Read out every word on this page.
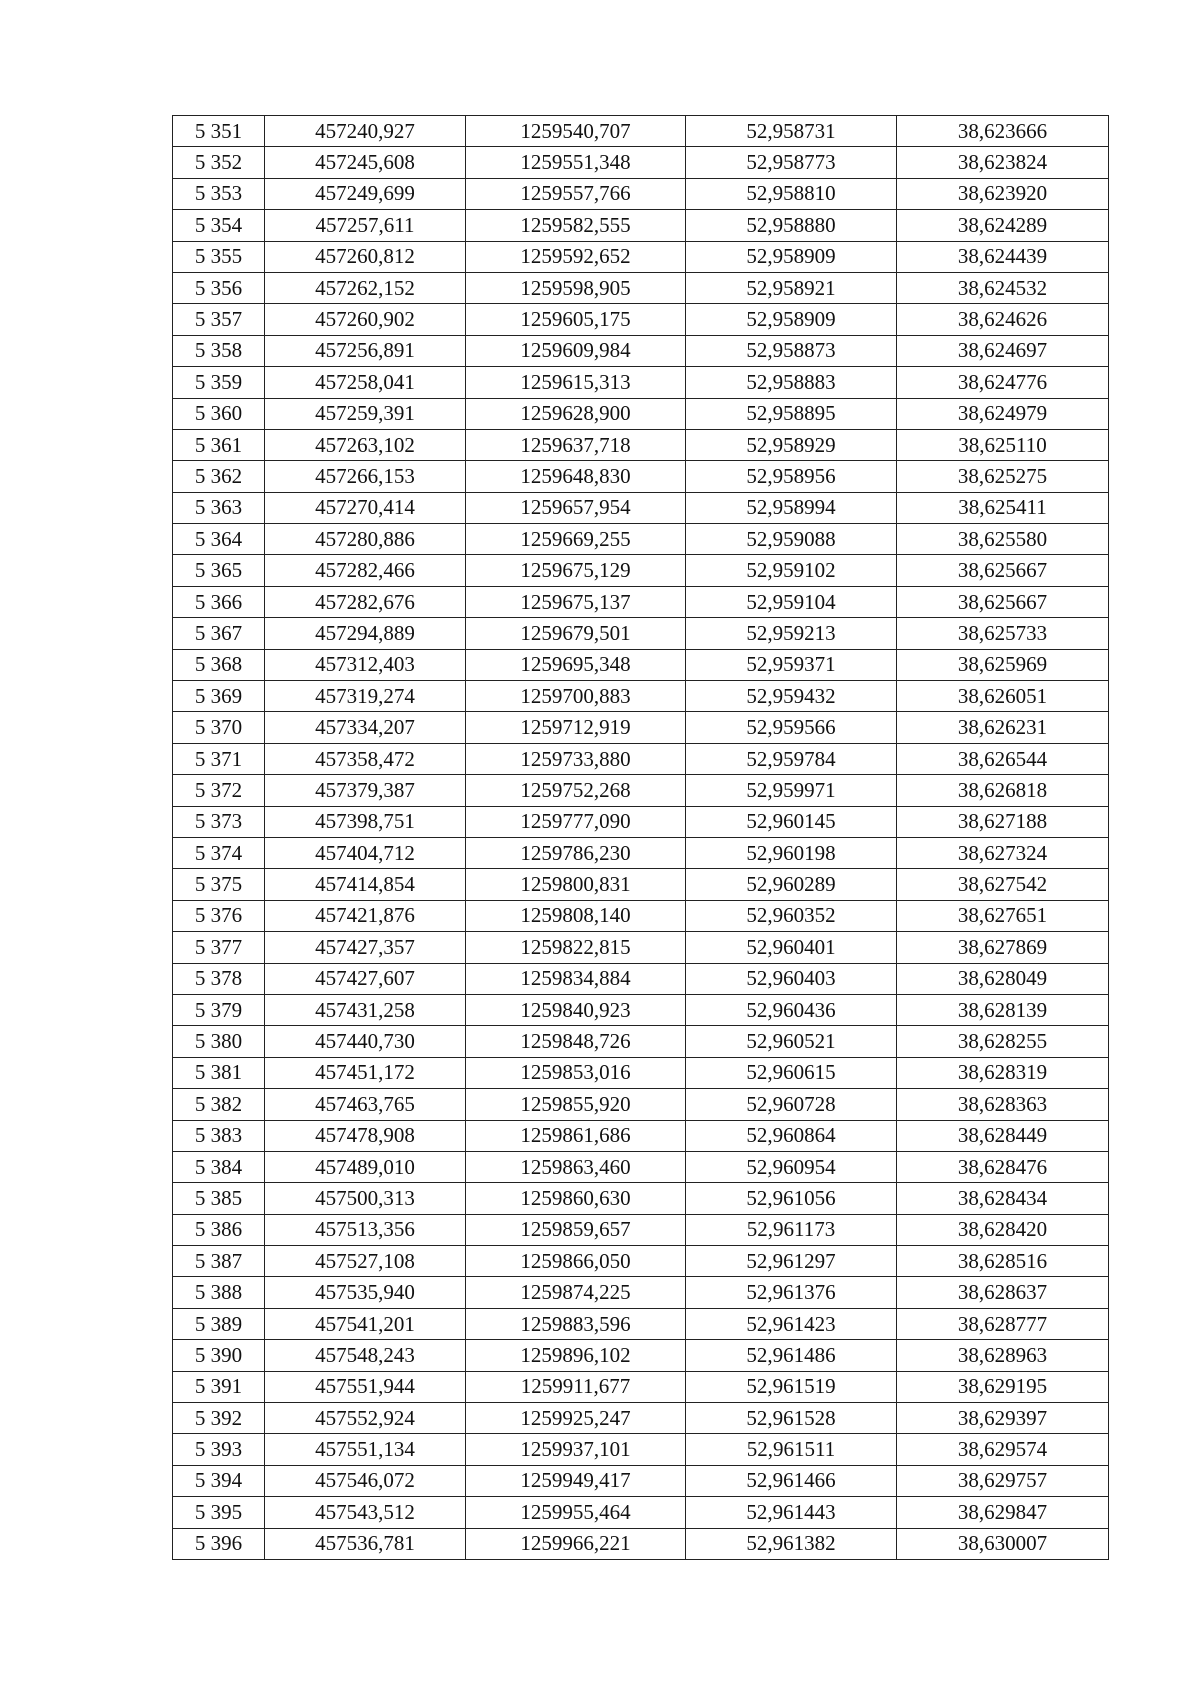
5 351	457240,927	1259540,707	52,958731	38,623666
5 352	457245,608	1259551,348	52,958773	38,623824
5 353	457249,699	1259557,766	52,958810	38,623920
5 354	457257,611	1259582,555	52,958880	38,624289
5 355	457260,812	1259592,652	52,958909	38,624439
5 356	457262,152	1259598,905	52,958921	38,624532
5 357	457260,902	1259605,175	52,958909	38,624626
5 358	457256,891	1259609,984	52,958873	38,624697
5 359	457258,041	1259615,313	52,958883	38,624776
5 360	457259,391	1259628,900	52,958895	38,624979
5 361	457263,102	1259637,718	52,958929	38,625110
5 362	457266,153	1259648,830	52,958956	38,625275
5 363	457270,414	1259657,954	52,958994	38,625411
5 364	457280,886	1259669,255	52,959088	38,625580
5 365	457282,466	1259675,129	52,959102	38,625667
5 366	457282,676	1259675,137	52,959104	38,625667
5 367	457294,889	1259679,501	52,959213	38,625733
5 368	457312,403	1259695,348	52,959371	38,625969
5 369	457319,274	1259700,883	52,959432	38,626051
5 370	457334,207	1259712,919	52,959566	38,626231
5 371	457358,472	1259733,880	52,959784	38,626544
5 372	457379,387	1259752,268	52,959971	38,626818
5 373	457398,751	1259777,090	52,960145	38,627188
5 374	457404,712	1259786,230	52,960198	38,627324
5 375	457414,854	1259800,831	52,960289	38,627542
5 376	457421,876	1259808,140	52,960352	38,627651
5 377	457427,357	1259822,815	52,960401	38,627869
5 378	457427,607	1259834,884	52,960403	38,628049
5 379	457431,258	1259840,923	52,960436	38,628139
5 380	457440,730	1259848,726	52,960521	38,628255
5 381	457451,172	1259853,016	52,960615	38,628319
5 382	457463,765	1259855,920	52,960728	38,628363
5 383	457478,908	1259861,686	52,960864	38,628449
5 384	457489,010	1259863,460	52,960954	38,628476
5 385	457500,313	1259860,630	52,961056	38,628434
5 386	457513,356	1259859,657	52,961173	38,628420
5 387	457527,108	1259866,050	52,961297	38,628516
5 388	457535,940	1259874,225	52,961376	38,628637
5 389	457541,201	1259883,596	52,961423	38,628777
5 390	457548,243	1259896,102	52,961486	38,628963
5 391	457551,944	1259911,677	52,961519	38,629195
5 392	457552,924	1259925,247	52,961528	38,629397
5 393	457551,134	1259937,101	52,961511	38,629574
5 394	457546,072	1259949,417	52,961466	38,629757
5 395	457543,512	1259955,464	52,961443	38,629847
5 396	457536,781	1259966,221	52,961382	38,630007
